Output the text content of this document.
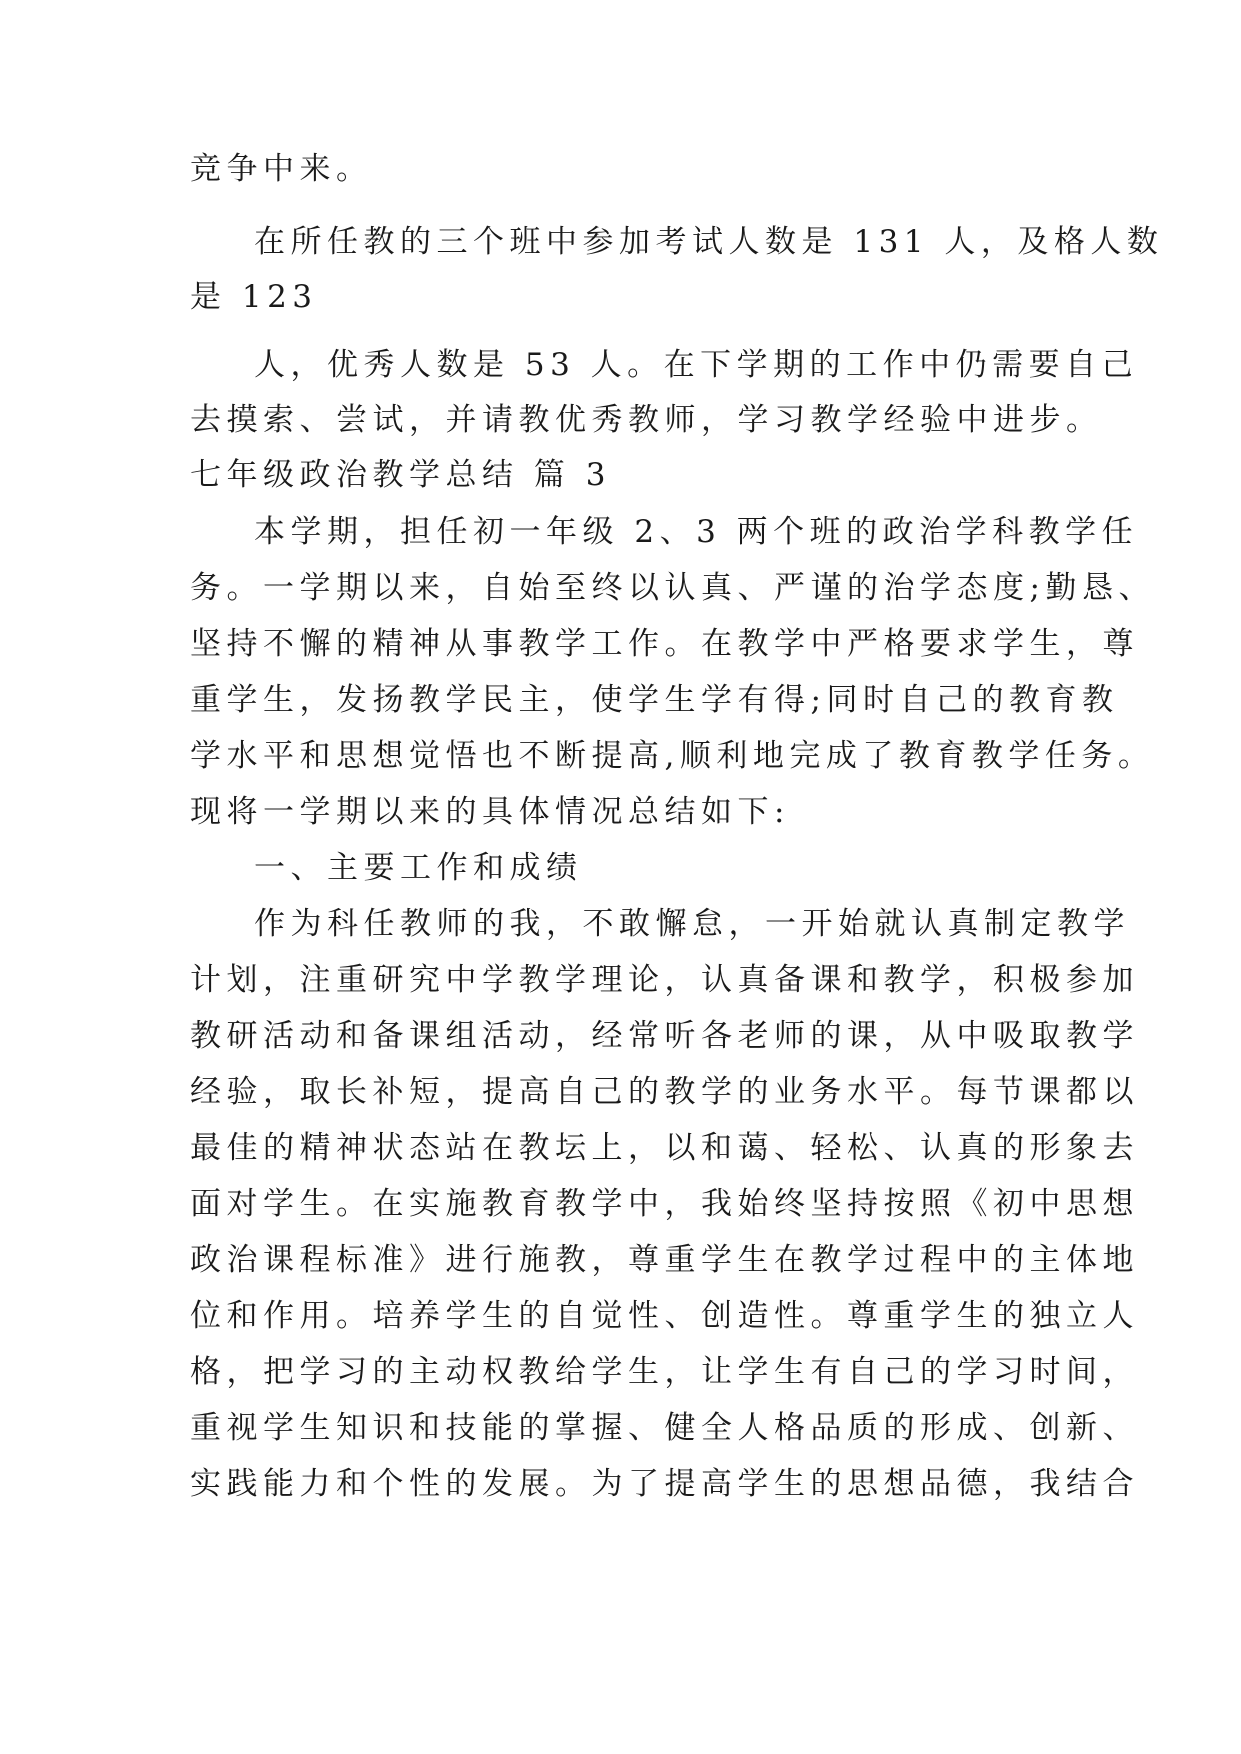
竞争中来。
在所任教的三个班中参加考试人数是 131 人，及格人数
是 123
人，优秀人数是 53 人。在下学期的工作中仍需要自己
去摸索、尝试，并请教优秀教师，学习教学经验中进步。
七年级政治教学总结 篇 3
本学期，担任初一年级 2、3 两个班的政治学科教学任
务。一学期以来，自始至终以认真、严谨的治学态度;勤恳、
坚持不懈的精神从事教学工作。在教学中严格要求学生，尊
重学生，发扬教学民主，使学生学有得;同时自己的教育教
学水平和思想觉悟也不断提高,顺利地完成了教育教学任务。
现将一学期以来的具体情况总结如下:
一、主要工作和成绩
作为科任教师的我，不敢懈怠，一开始就认真制定教学
计划，注重研究中学教学理论，认真备课和教学，积极参加
教研活动和备课组活动，经常听各老师的课，从中吸取教学
经验，取长补短，提高自己的教学的业务水平。每节课都以
最佳的精神状态站在教坛上，以和蔼、轻松、认真的形象去
面对学生。在实施教育教学中，我始终坚持按照《初中思想
政治课程标准》进行施教，尊重学生在教学过程中的主体地
位和作用。培养学生的自觉性、创造性。尊重学生的独立人
格，把学习的主动权教给学生，让学生有自己的学习时间，
重视学生知识和技能的掌握、健全人格品质的形成、创新、
实践能力和个性的发展。为了提高学生的思想品德，我结合
